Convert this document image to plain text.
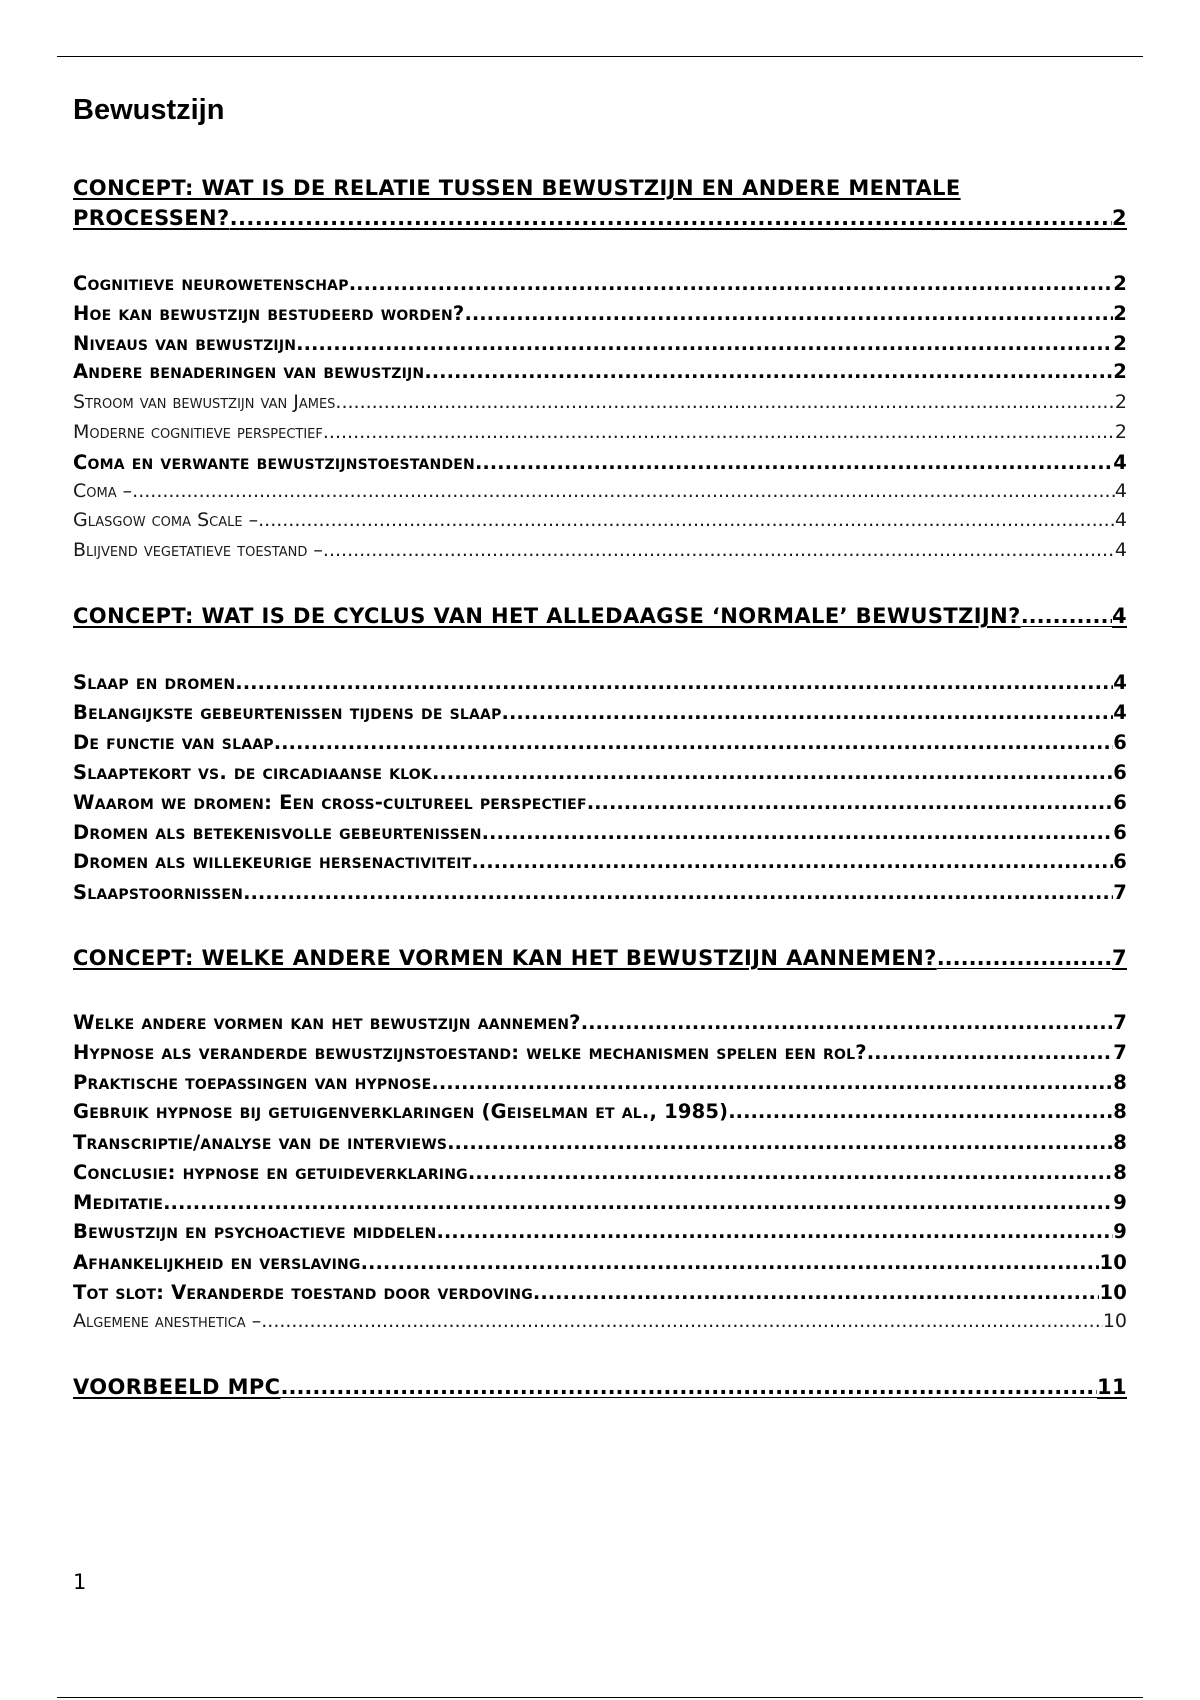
Bewustzijn
CONCEPT: WAT IS DE RELATIE TUSSEN BEWUSTZIJN EN ANDERE MENTALE
PROCESSEN? .....	2
Cognitieve neurowetenschap .....	2
Hoe kan bewustzijn bestudeerd worden? .....	2
Niveaus van bewustzijn .....	2
Andere benaderingen van bewustzijn .....	2
Stroom van bewustzijn van James .....	2
Moderne cognitieve perspectief .....	2
Coma en verwante bewustzijnstoestanden .....	4
Coma – .....	4
Glasgow coma Scale – .....	4
Blijvend vegetatieve toestand – .....	4
CONCEPT: WAT IS DE CYCLUS VAN HET ALLEDAAGSE ‘NORMALE’ BEWUSTZIJN? .....	4
Slaap en dromen .....	4
Belangijkste gebeurtenissen tijdens de slaap .....	4
De functie van slaap .....	6
Slaaptekort vs. de circadiaanse klok .....	6
Waarom we dromen: Een cross-cultureel perspectief .....	6
Dromen als betekenisvolle gebeurtenissen .....	6
Dromen als willekeurige hersenactiviteit .....	6
Slaapstoornissen .....	7
CONCEPT: WELKE ANDERE VORMEN KAN HET BEWUSTZIJN AANNEMEN? .....	7
Welke andere vormen kan het bewustzijn aannemen? .....	7
Hypnose als veranderde bewustzijnstoestand: welke mechanismen spelen een rol? .....	7
Praktische toepassingen van hypnose .....	8
Gebruik hypnose bij getuigenverklaringen (Geiselman et al., 1985) .....	8
Transcriptie/analyse van de interviews .....	8
Conclusie: hypnose en getuideverklaring .....	8
Meditatie .....	9
Bewustzijn en psychoactieve middelen .....	9
Afhankelijkheid en verslaving .....	10
Tot slot: Veranderde toestand door verdoving .....	10
Algemene anesthetica – .....	10
VOORBEELD MPC .....	11
1
